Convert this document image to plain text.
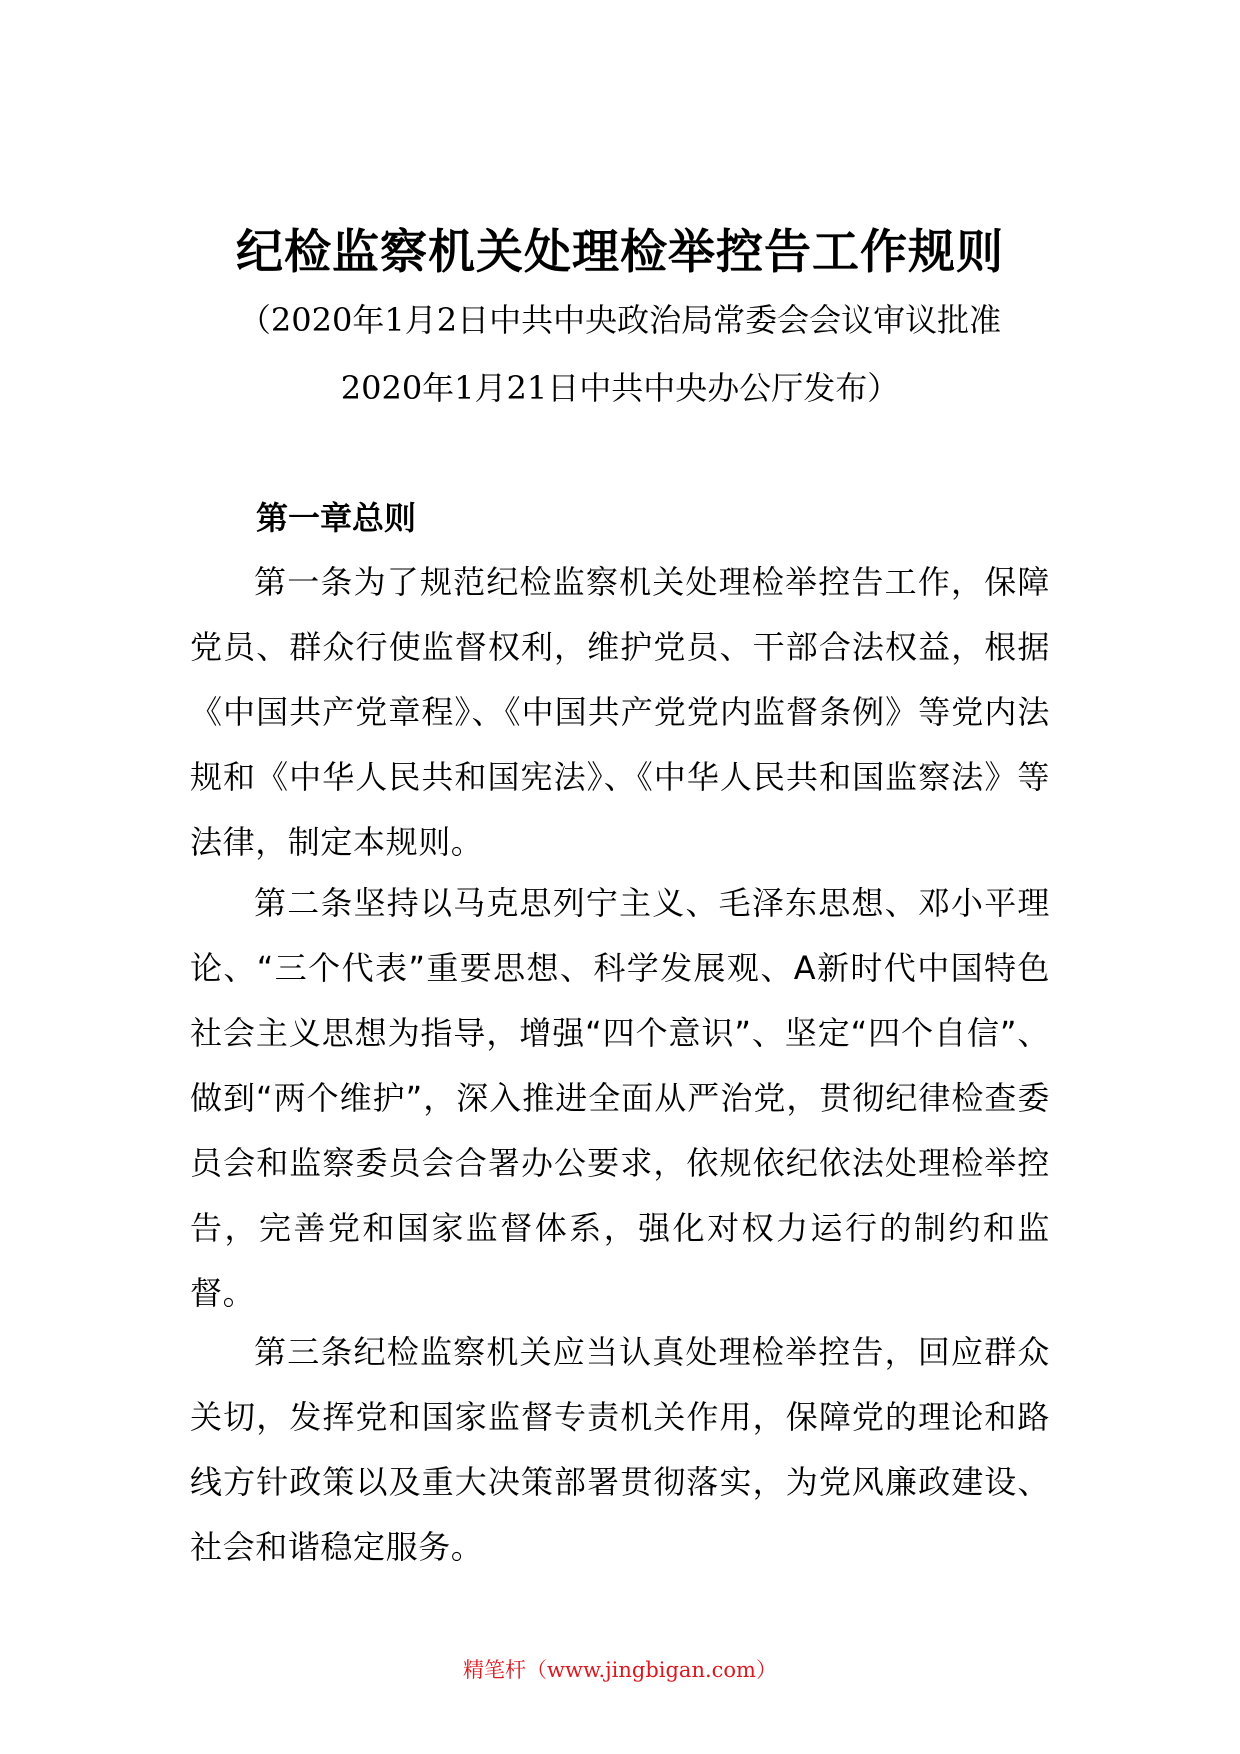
纪检监察机关处理检举控告工作规则

（2020年1月2日中共中央政治局常委会会议审议批准

2020年1月21日中共中央办公厅发布）

第一章总则

第一条为了规范纪检监察机关处理检举控告工作，保障党员、群众行使监督权利，维护党员、干部合法权益，根据《中国共产党章程》、《中国共产党党内监督条例》等党内法规和《中华人民共和国宪法》、《中华人民共和国监察法》等法律，制定本规则。

第二条坚持以马克思列宁主义、毛泽东思想、邓小平理论、“三个代表”重要思想、科学发展观、A新时代中国特色社会主义思想为指导，增强“四个意识”、坚定“四个自信”、做到“两个维护”，深入推进全面从严治党，贯彻纪律检查委员会和监察委员会合署办公要求，依规依纪依法处理检举控告，完善党和国家监督体系，强化对权力运行的制约和监督。

第三条纪检监察机关应当认真处理检举控告，回应群众关切，发挥党和国家监督专责机关作用，保障党的理论和路线方针政策以及重大决策部署贯彻落实，为党风廉政建设、社会和谐稳定服务。

精笔杆（www.jingbigan.com）
